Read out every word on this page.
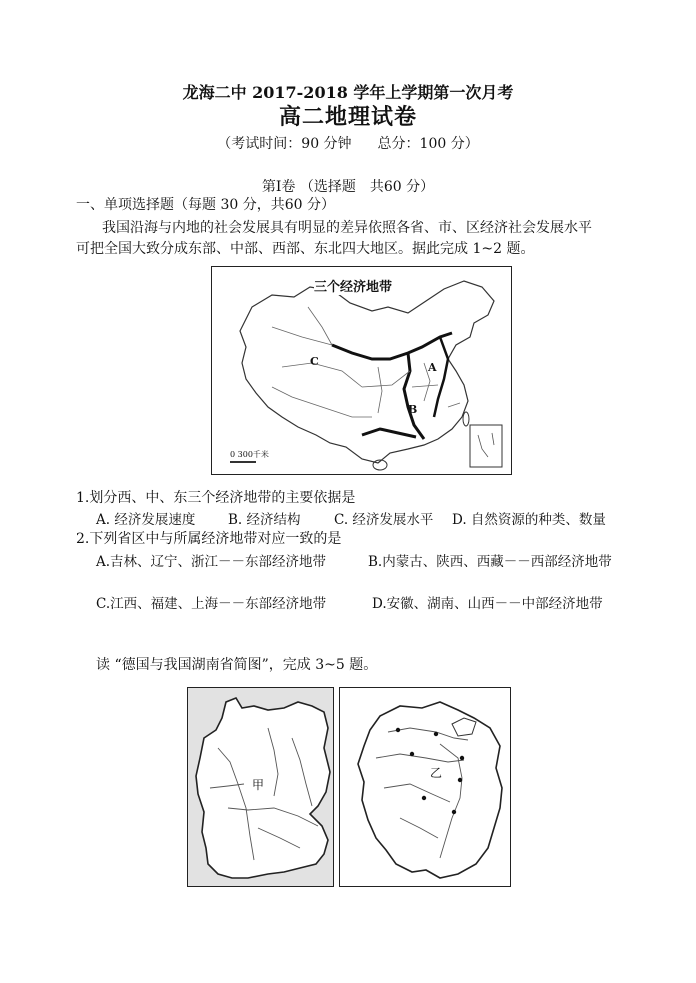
龙海二中 2017-2018 学年上学期第一次月考
高二地理试卷
（考试时间：90 分钟 总分：100 分）
第Ⅰ卷 （选择题　共60 分）
一、单项选择题（每题 30 分，共60 分）
我国沿海与内地的社会发展具有明显的差异依照各省、市、区经济社会发展水平
可把全国大致分成东部、中部、西部、东北四大地区。据此完成 1~2 题。
三个经济地带
A
B
C
0 300千米
1.划分西、中、东三个经济地带的主要依据是
A. 经济发展速度 B. 经济结构 C. 经济发展水平 D. 自然资源的种类、数量
2.下列省区中与所属经济地带对应一致的是
A.吉林、辽宁、浙江－－东部经济地带	B.内蒙古、陕西、西藏－－西部经济地带
C.江西、福建、上海－－东部经济地带	D.安徽、湖南、山西－－中部经济地带
读 “德国与我国湖南省简图”，完成 3~5 题。
甲
乙
